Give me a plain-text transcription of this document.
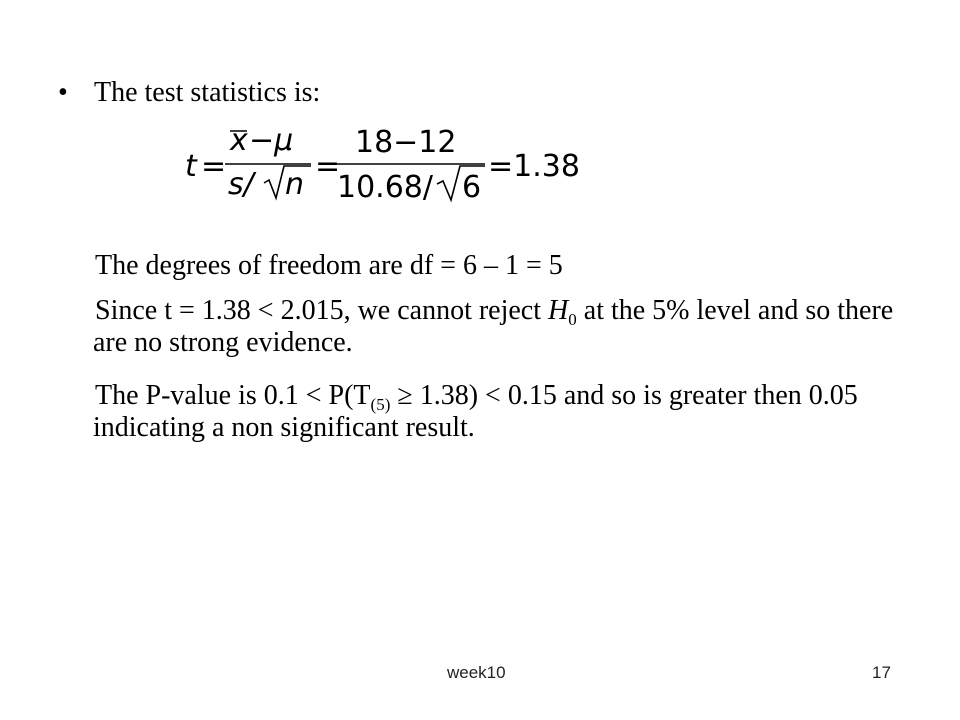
• The test statistics is:
t =
x −μ
s/ n
=
18−12
10.68/ 6
=1.38
The degrees of freedom are df = 6 – 1 = 5
Since t = 1.38 < 2.015, we cannot reject $H_0$ at the 5% level and so there are no strong evidence.
The P-value is $0.1 < P(T_{(5)} \ge 1.38) < 0.15$ and so is greater then 0.05 indicating a non significant result.
week10	17
